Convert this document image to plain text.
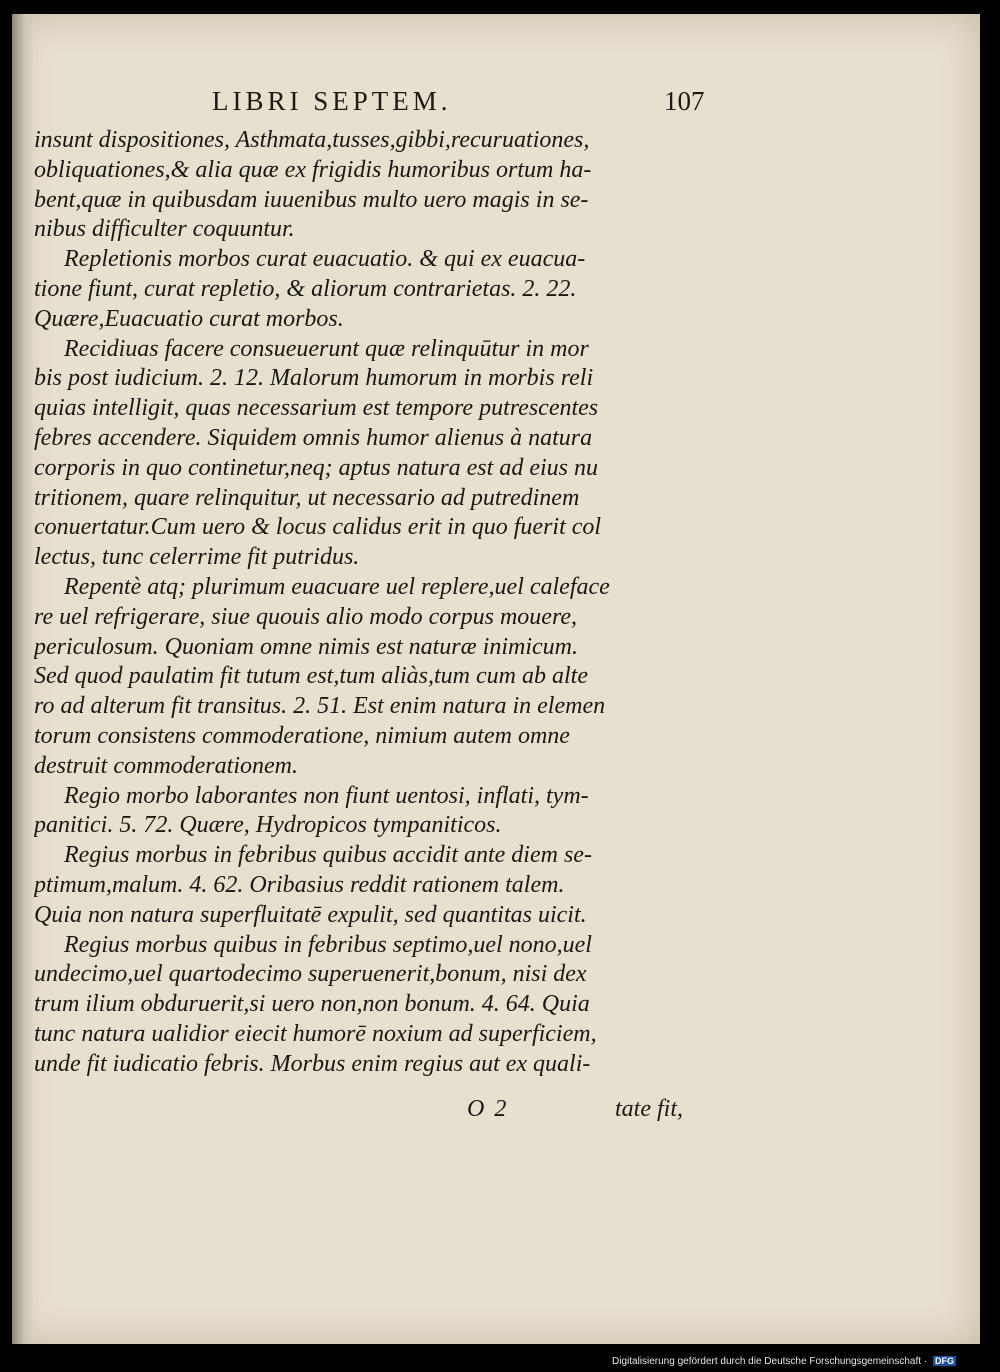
LIBRI SEPTEM.	107
insunt dispositiones, Asthmata,tusses,gibbi,recuruationes,
obliquationes,& alia quæ ex frigidis humoribus ortum ha-
bent,quæ in quibusdam iuuenibus multo uero magis in se-
nibus difficulter coquuntur.
Repletionis morbos curat euacuatio. & qui ex euacua-
tione fiunt, curat repletio, & aliorum contrarietas. 2. 22.
Quære,Euacuatio curat morbos.
Recidiuas facere consueuerunt quæ relinquūtur in mor
bis post iudicium. 2. 12. Malorum humorum in morbis reli
quias intelligit, quas necessarium est tempore putrescentes
febres accendere. Siquidem omnis humor alienus à natura
corporis in quo continetur,neq; aptus natura est ad eius nu
tritionem, quare relinquitur, ut necessario ad putredinem
conuertatur.Cum uero & locus calidus erit in quo fuerit col
lectus, tunc celerrime fit putridus.
Repentè atq; plurimum euacuare uel replere,uel caleface
re uel refrigerare, siue quouis alio modo corpus mouere,
periculosum. Quoniam omne nimis est naturæ inimicum.
Sed quod paulatim fit tutum est,tum aliàs,tum cum ab alte
ro ad alterum fit transitus. 2. 51. Est enim natura in elemen
torum consistens commoderatione, nimium autem omne
destruit commoderationem.
Regio morbo laborantes non fiunt uentosi, inflati, tym-
panitici. 5. 72. Quære, Hydropicos tympaniticos.
Regius morbus in febribus quibus accidit ante diem se-
ptimum,malum. 4. 62. Oribasius reddit rationem talem.
Quia non natura superfluitatē expulit, sed quantitas uicit.
Regius morbus quibus in febribus septimo,uel nono,uel
undecimo,uel quartodecimo superuenerit,bonum, nisi dex
trum ilium obduruerit,si uero non,non bonum. 4. 64. Quia
tunc natura ualidior eiecit humorē noxium ad superficiem,
unde fit iudicatio febris. Morbus enim regius aut ex quali-
O 2	tate fit,
Digitalisierung gefördert durch die Deutsche Forschungsgemeinschaft · DFG
